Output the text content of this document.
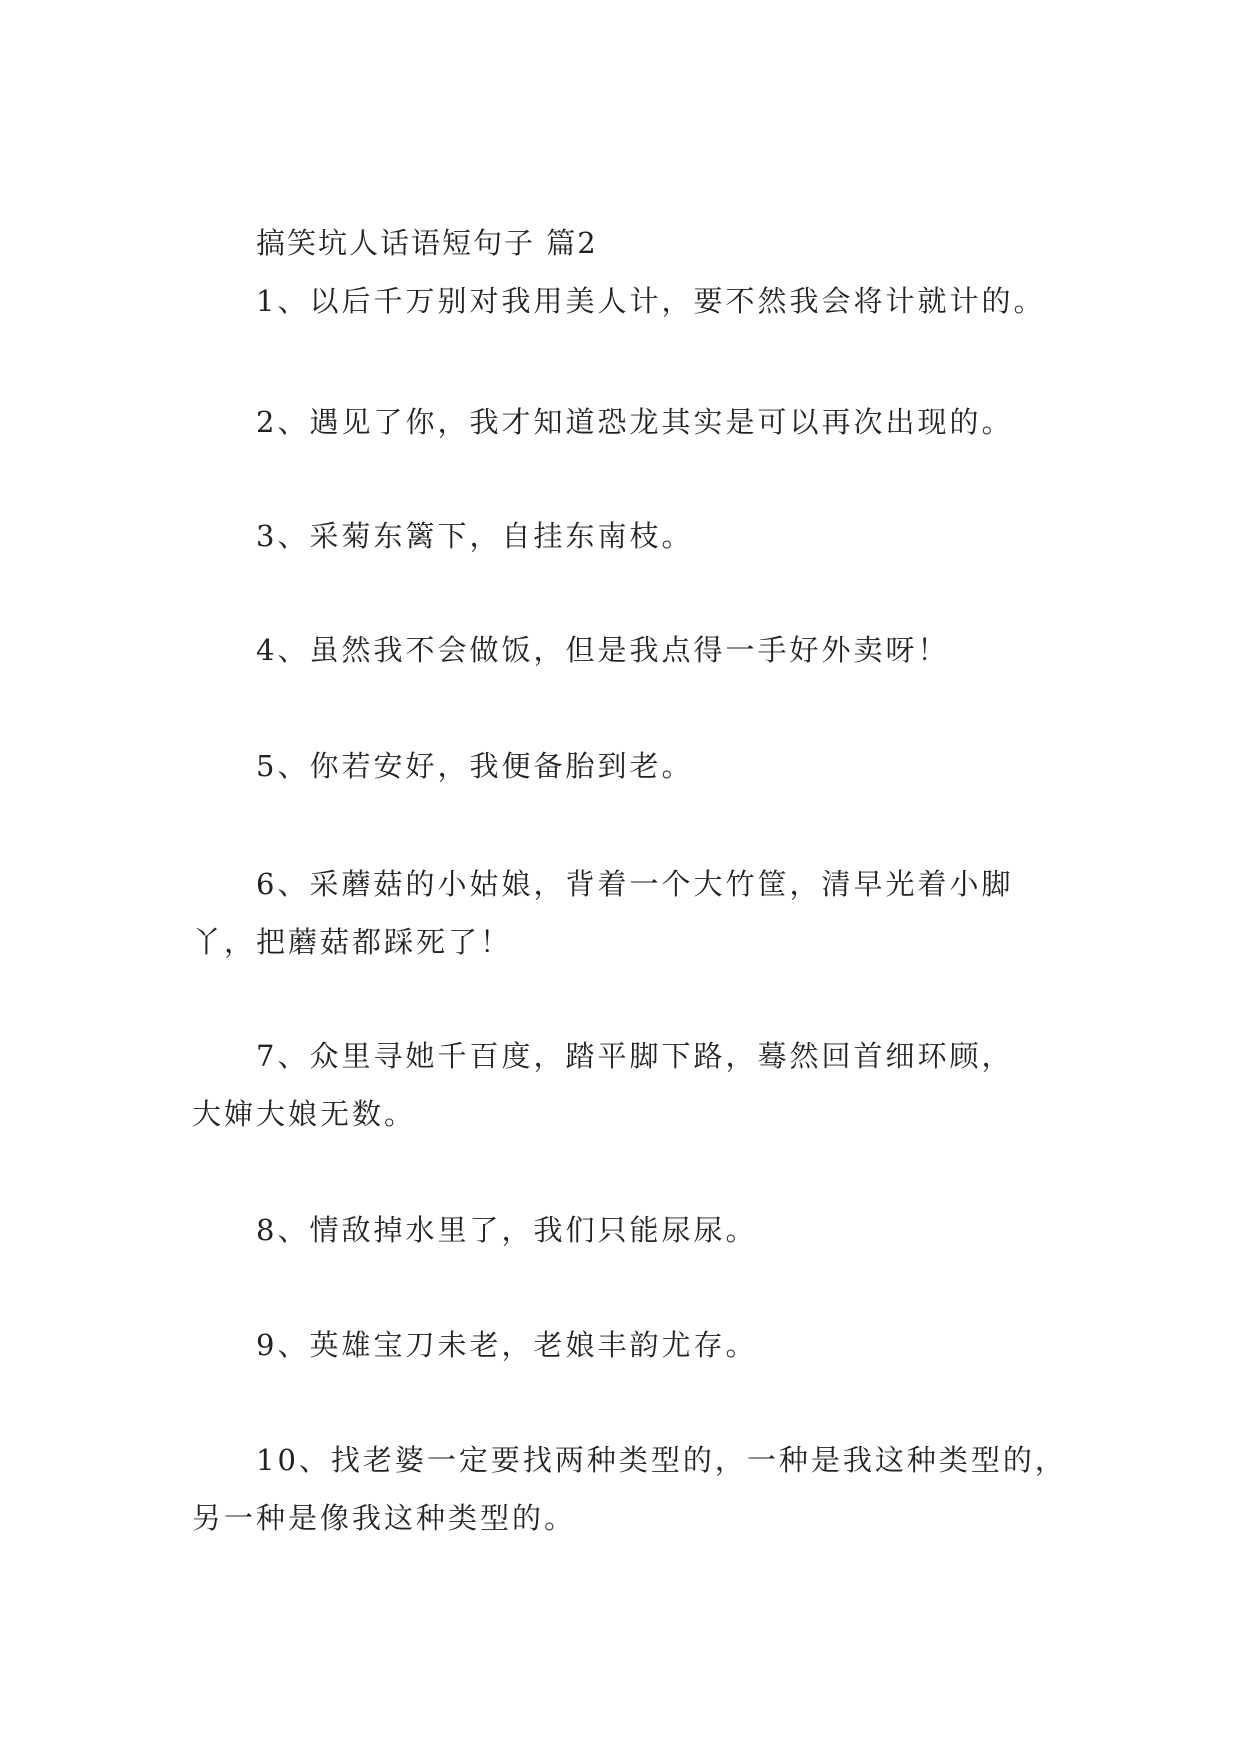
搞笑坑人话语短句子 篇2
1、以后千万别对我用美人计，要不然我会将计就计的。
2、遇见了你，我才知道恐龙其实是可以再次出现的。
3、采菊东篱下，自挂东南枝。
4、虽然我不会做饭，但是我点得一手好外卖呀！
5、你若安好，我便备胎到老。
6、采蘑菇的小姑娘，背着一个大竹筐，清早光着小脚
丫，把蘑菇都踩死了！
7、众里寻她千百度，踏平脚下路，蓦然回首细环顾，
大婶大娘无数。
8、情敌掉水里了，我们只能尿尿。
9、英雄宝刀未老，老娘丰韵尤存。
10、找老婆一定要找两种类型的，一种是我这种类型的，
另一种是像我这种类型的。
